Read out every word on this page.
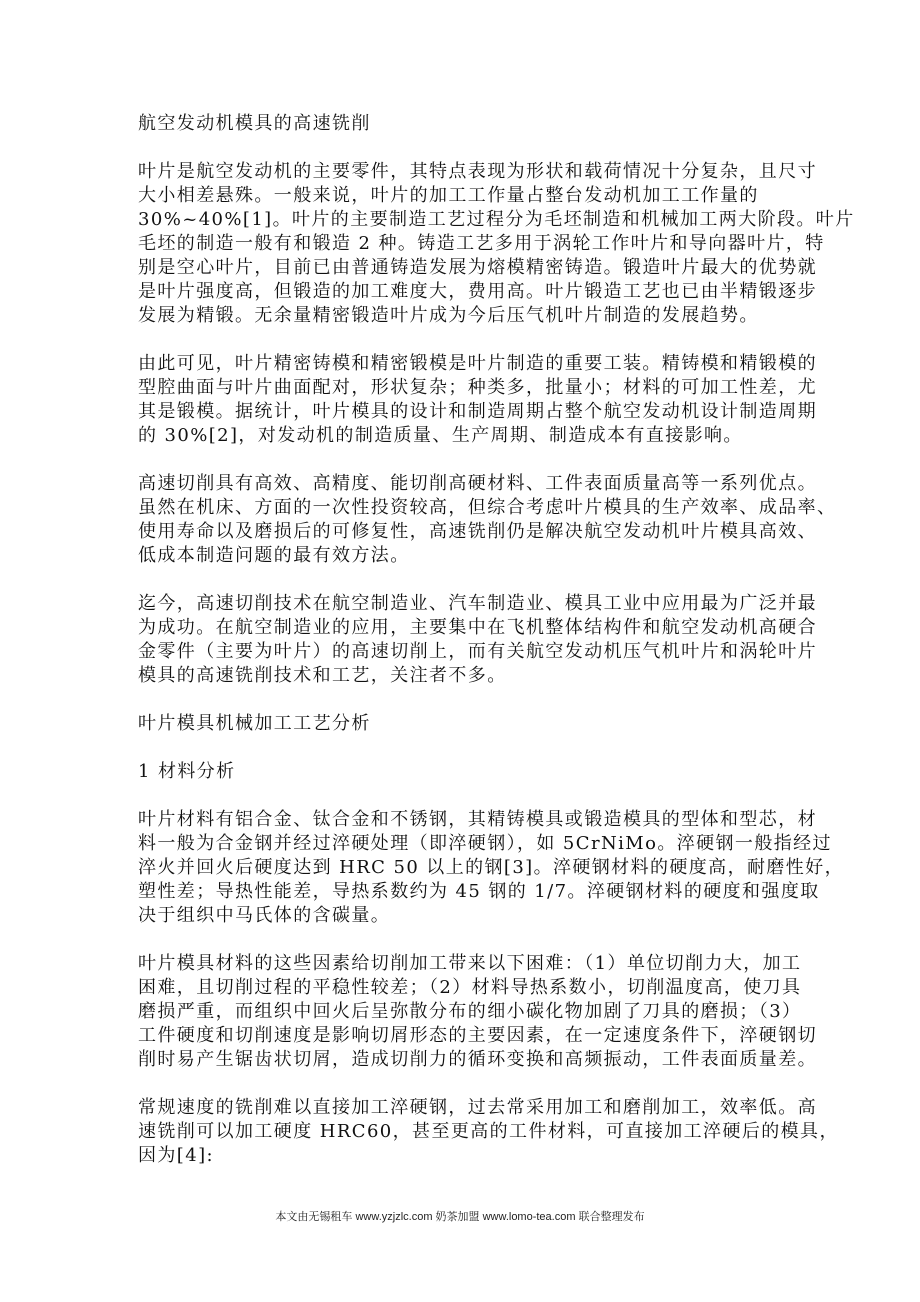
航空发动机模具的高速铣削
叶片是航空发动机的主要零件，其特点表现为形状和载荷情况十分复杂，且尺寸
大小相差悬殊。一般来说，叶片的加工工作量占整台发动机加工工作量的
30%~40%[1]。叶片的主要制造工艺过程分为毛坯制造和机械加工两大阶段。叶片
毛坯的制造一般有和锻造 2 种。铸造工艺多用于涡轮工作叶片和导向器叶片，特
别是空心叶片，目前已由普通铸造发展为熔模精密铸造。锻造叶片最大的优势就
是叶片强度高，但锻造的加工难度大，费用高。叶片锻造工艺也已由半精锻逐步
发展为精锻。无余量精密锻造叶片成为今后压气机叶片制造的发展趋势。
由此可见，叶片精密铸模和精密锻模是叶片制造的重要工装。精铸模和精锻模的
型腔曲面与叶片曲面配对，形状复杂；种类多，批量小；材料的可加工性差，尤
其是锻模。据统计，叶片模具的设计和制造周期占整个航空发动机设计制造周期
的 30%[2]，对发动机的制造质量、生产周期、制造成本有直接影响。
高速切削具有高效、高精度、能切削高硬材料、工件表面质量高等一系列优点。
虽然在机床、方面的一次性投资较高，但综合考虑叶片模具的生产效率、成品率、
使用寿命以及磨损后的可修复性，高速铣削仍是解决航空发动机叶片模具高效、
低成本制造问题的最有效方法。
迄今，高速切削技术在航空制造业、汽车制造业、模具工业中应用最为广泛并最
为成功。在航空制造业的应用，主要集中在飞机整体结构件和航空发动机高硬合
金零件（主要为叶片）的高速切削上，而有关航空发动机压气机叶片和涡轮叶片
模具的高速铣削技术和工艺，关注者不多。
叶片模具机械加工工艺分析
1 材料分析
叶片材料有铝合金、钛合金和不锈钢，其精铸模具或锻造模具的型体和型芯，材
料一般为合金钢并经过淬硬处理（即淬硬钢），如 5CrNiMo。淬硬钢一般指经过
淬火并回火后硬度达到 HRC 50 以上的钢[3]。淬硬钢材料的硬度高，耐磨性好，
塑性差；导热性能差，导热系数约为 45 钢的 1/7。淬硬钢材料的硬度和强度取
决于组织中马氏体的含碳量。
叶片模具材料的这些因素给切削加工带来以下困难：（1）单位切削力大，加工
困难，且切削过程的平稳性较差；（2）材料导热系数小，切削温度高，使刀具
磨损严重，而组织中回火后呈弥散分布的细小碳化物加剧了刀具的磨损；（3）
工件硬度和切削速度是影响切屑形态的主要因素，在一定速度条件下，淬硬钢切
削时易产生锯齿状切屑，造成切削力的循环变换和高频振动，工件表面质量差。
常规速度的铣削难以直接加工淬硬钢，过去常采用加工和磨削加工，效率低。高
速铣削可以加工硬度 HRC60，甚至更高的工件材料，可直接加工淬硬后的模具，
因为[4]:
本文由无锡租车 www.yzjzlc.com 奶茶加盟 www.lomo-tea.com 联合整理发布
